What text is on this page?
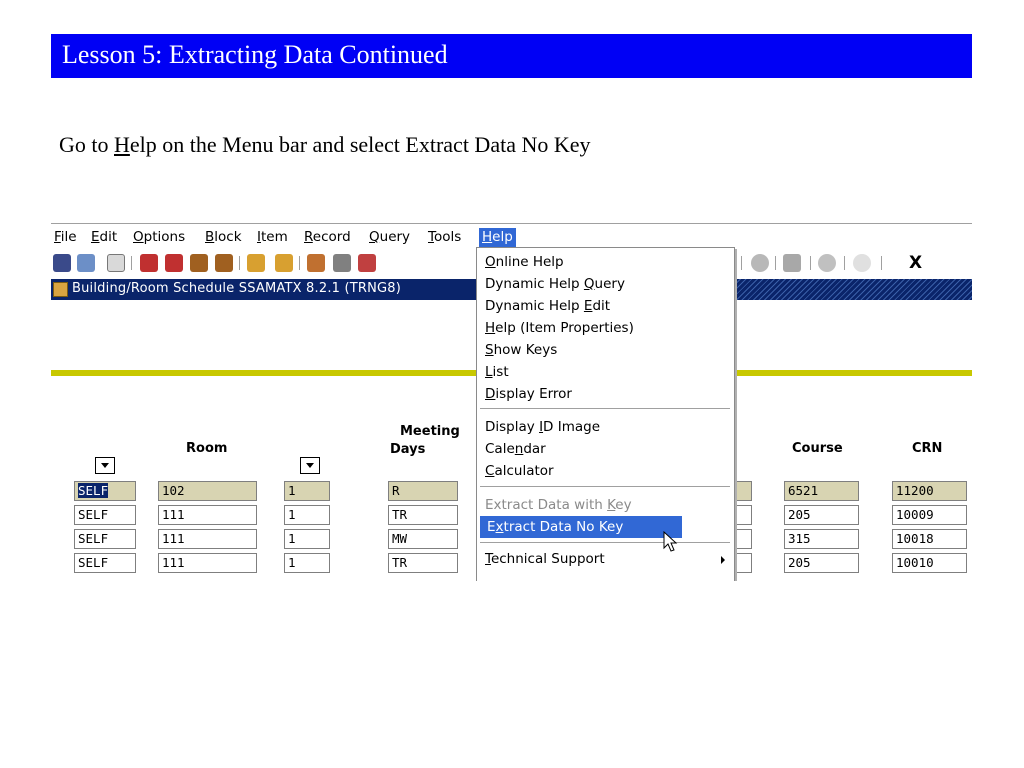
Lesson 5: Extracting Data Continued
Go to Help on the Menu bar and select Extract Data No Key
File Edit Options Block Item Record Query Tools Help
X
Building/Room Schedule SSAMATX 8.2.1 (TRNG8)
Room
Meeting
Days	Course	CRN
SELF	102	1	R	6521	11200
SELF	111	1	TR	205	10009
SELF	111	1	MW	315	10018
SELF	111	1	TR	205	10010
Online Help
Dynamic Help Query
Dynamic Help Edit
Help (Item Properties)
Show Keys
List
Display Error
Display ID Image
Calendar
Calculator
Extract Data with Key
Extract Data No Key
Technical Support
